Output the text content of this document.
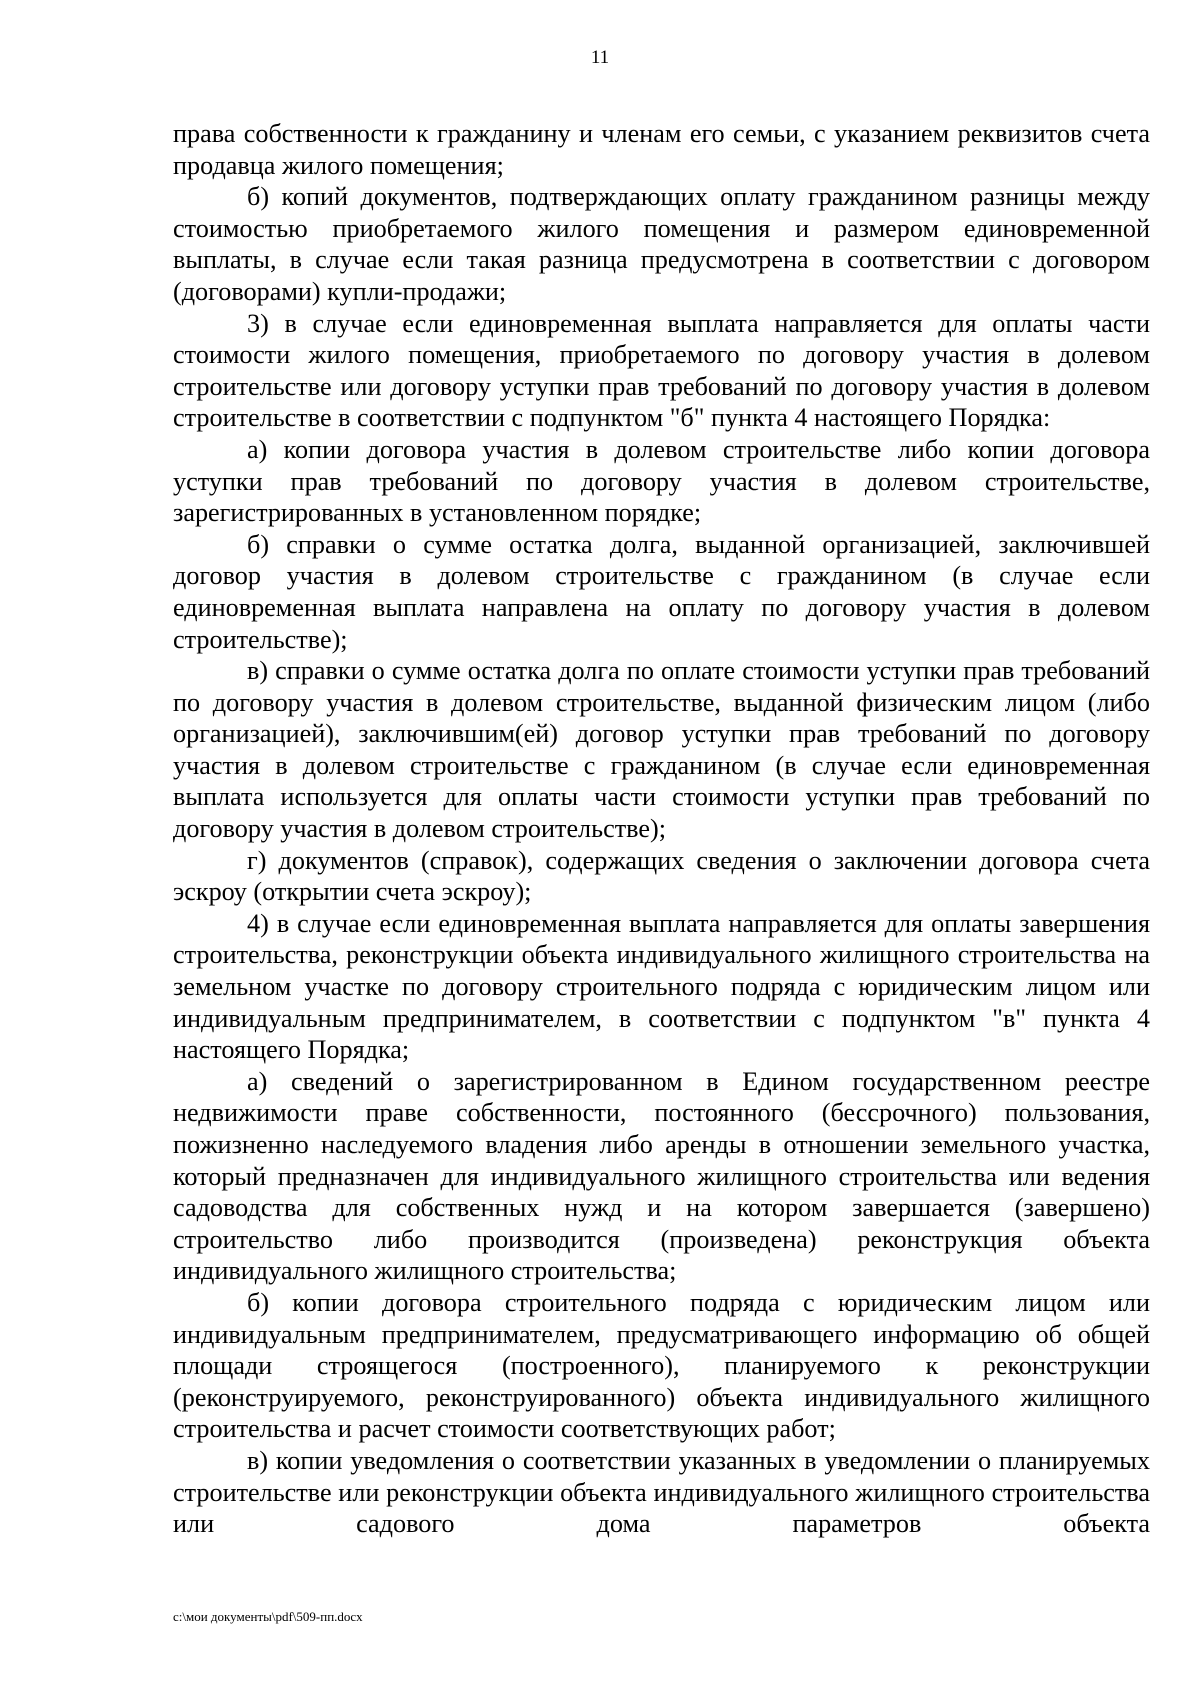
11

права собственности к гражданину и членам его семьи, с указанием реквизитов счета продавца жилого помещения;

б) копий документов, подтверждающих оплату гражданином разницы между стоимостью приобретаемого жилого помещения и размером единовременной выплаты, в случае если такая разница предусмотрена в соответствии с договором (договорами) купли-продажи;

3) в случае если единовременная выплата направляется для оплаты части стоимости жилого помещения, приобретаемого по договору участия в долевом строительстве или договору уступки прав требований по договору участия в долевом строительстве в соответствии с подпунктом "б" пункта 4 настоящего Порядка:

а) копии договора участия в долевом строительстве либо копии договора уступки прав требований по договору участия в долевом строительстве, зарегистрированных в установленном порядке;

б) справки о сумме остатка долга, выданной организацией, заключившей договор участия в долевом строительстве с гражданином (в случае если единовременная выплата направлена на оплату по договору участия в долевом строительстве);

в) справки о сумме остатка долга по оплате стоимости уступки прав требований по договору участия в долевом строительстве, выданной физическим лицом (либо организацией), заключившим(ей) договор уступки прав требований по договору участия в долевом строительстве с гражданином (в случае если единовременная выплата используется для оплаты части стоимости уступки прав требований по договору участия в долевом строительстве);

г) документов (справок), содержащих сведения о заключении договора счета эскроу (открытии счета эскроу);

4) в случае если единовременная выплата направляется для оплаты завершения строительства, реконструкции объекта индивидуального жилищного строительства на земельном участке по договору строительного подряда с юридическим лицом или индивидуальным предпринимателем, в соответствии с подпунктом "в" пункта 4 настоящего Порядка;

а) сведений о зарегистрированном в Едином государственном реестре недвижимости праве собственности, постоянного (бессрочного) пользования, пожизненно наследуемого владения либо аренды в отношении земельного участка, который предназначен для индивидуального жилищного строительства или ведения садоводства для собственных нужд и на котором завершается (завершено) строительство либо производится (произведена) реконструкция объекта индивидуального жилищного строительства;

б) копии договора строительного подряда с юридическим лицом или индивидуальным предпринимателем, предусматривающего информацию об общей площади строящегося (построенного), планируемого к реконструкции (реконструируемого, реконструированного) объекта индивидуального жилищного строительства и расчет стоимости соответствующих работ;

в) копии уведомления о соответствии указанных в уведомлении о планируемых строительстве или реконструкции объекта индивидуального жилищного строительства или садового дома параметров объекта

c:\мои документы\pdf\509-пп.docx
